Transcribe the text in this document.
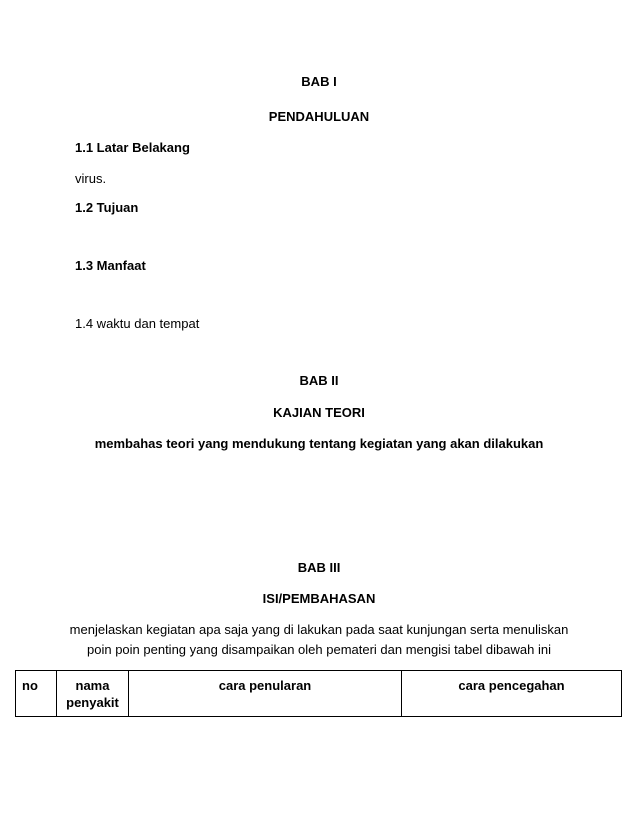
BAB I
PENDAHULUAN
1.1 Latar Belakang
virus.
1.2 Tujuan
1.3 Manfaat
1.4 waktu dan tempat
BAB II
KAJIAN TEORI
membahas teori yang mendukung tentang kegiatan yang akan dilakukan
BAB III
ISI/PEMBAHASAN
menjelaskan kegiatan apa saja yang di lakukan pada saat kunjungan serta menuliskan poin poin penting yang disampaikan oleh pemateri dan mengisi tabel dibawah ini
no	nama penyakit	cara penularan	cara pencegahan
